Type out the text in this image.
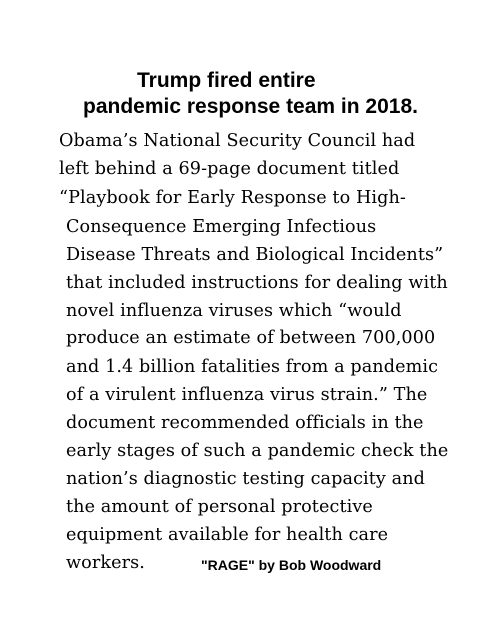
Trump fired entire
pandemic response team in 2018.
Obama’s National Security Council had
left behind a 69-page document titled
“Playbook for Early Response to High-
Consequence Emerging Infectious
Disease Threats and Biological Incidents”
that included instructions for dealing with
novel influenza viruses which “would
produce an estimate of between 700,000
and 1.4 billion fatalities from a pandemic
of a virulent influenza virus strain.” The
document recommended officials in the
early stages of such a pandemic check the
nation’s diagnostic testing capacity and
the amount of personal protective
equipment available for health care
workers.	"RAGE" by Bob Woodward
